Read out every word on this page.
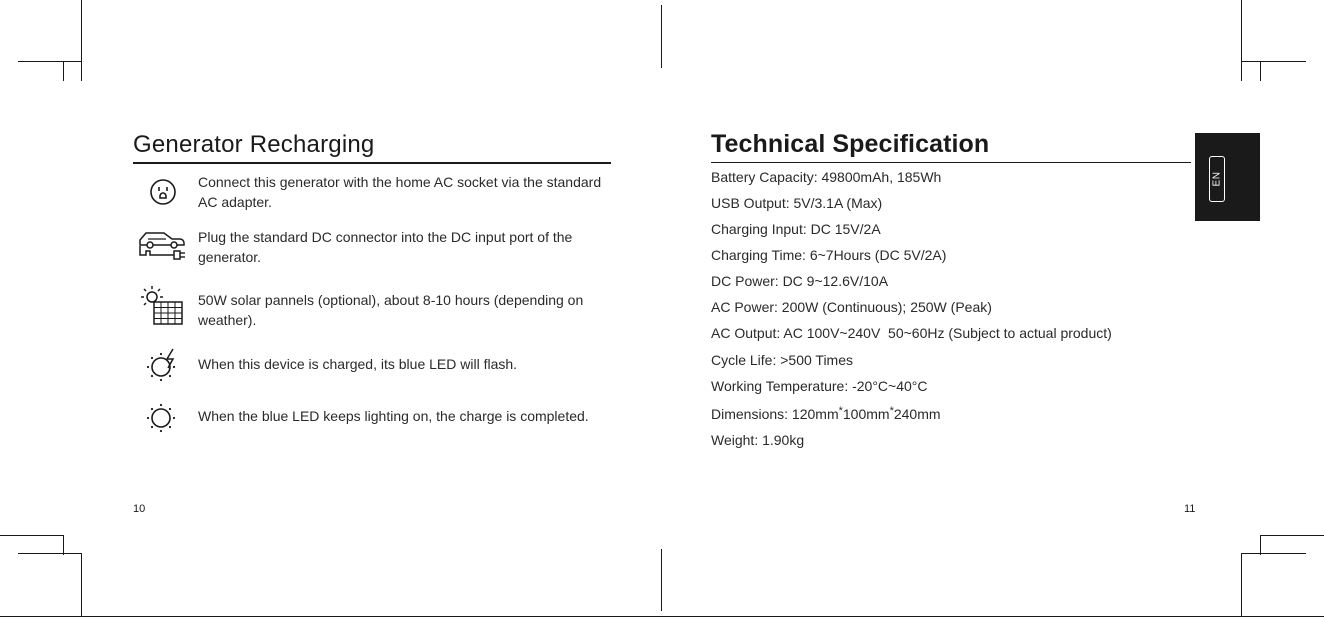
Generator Recharging
Connect this generator with the home AC socket via the standard AC adapter.
Plug the standard DC connector into the DC input port of the generator.
50W solar pannels (optional), about 8-10 hours (depending on weather).
When this device is charged, its blue LED will flash.
When the blue LED keeps lighting on, the charge is completed.
10
Technical Specification
Battery Capacity: 49800mAh, 185Wh
USB Output: 5V/3.1A (Max)
Charging Input: DC 15V/2A
Charging Time: 6~7Hours (DC 5V/2A)
DC Power: DC 9~12.6V/10A
AC Power: 200W (Continuous); 250W (Peak)
AC Output: AC 100V~240V  50~60Hz (Subject to actual product)
Cycle Life: >500 Times
Working Temperature: -20°C~40°C
Dimensions: 120mm*100mm*240mm
Weight: 1.90kg
EN
11
